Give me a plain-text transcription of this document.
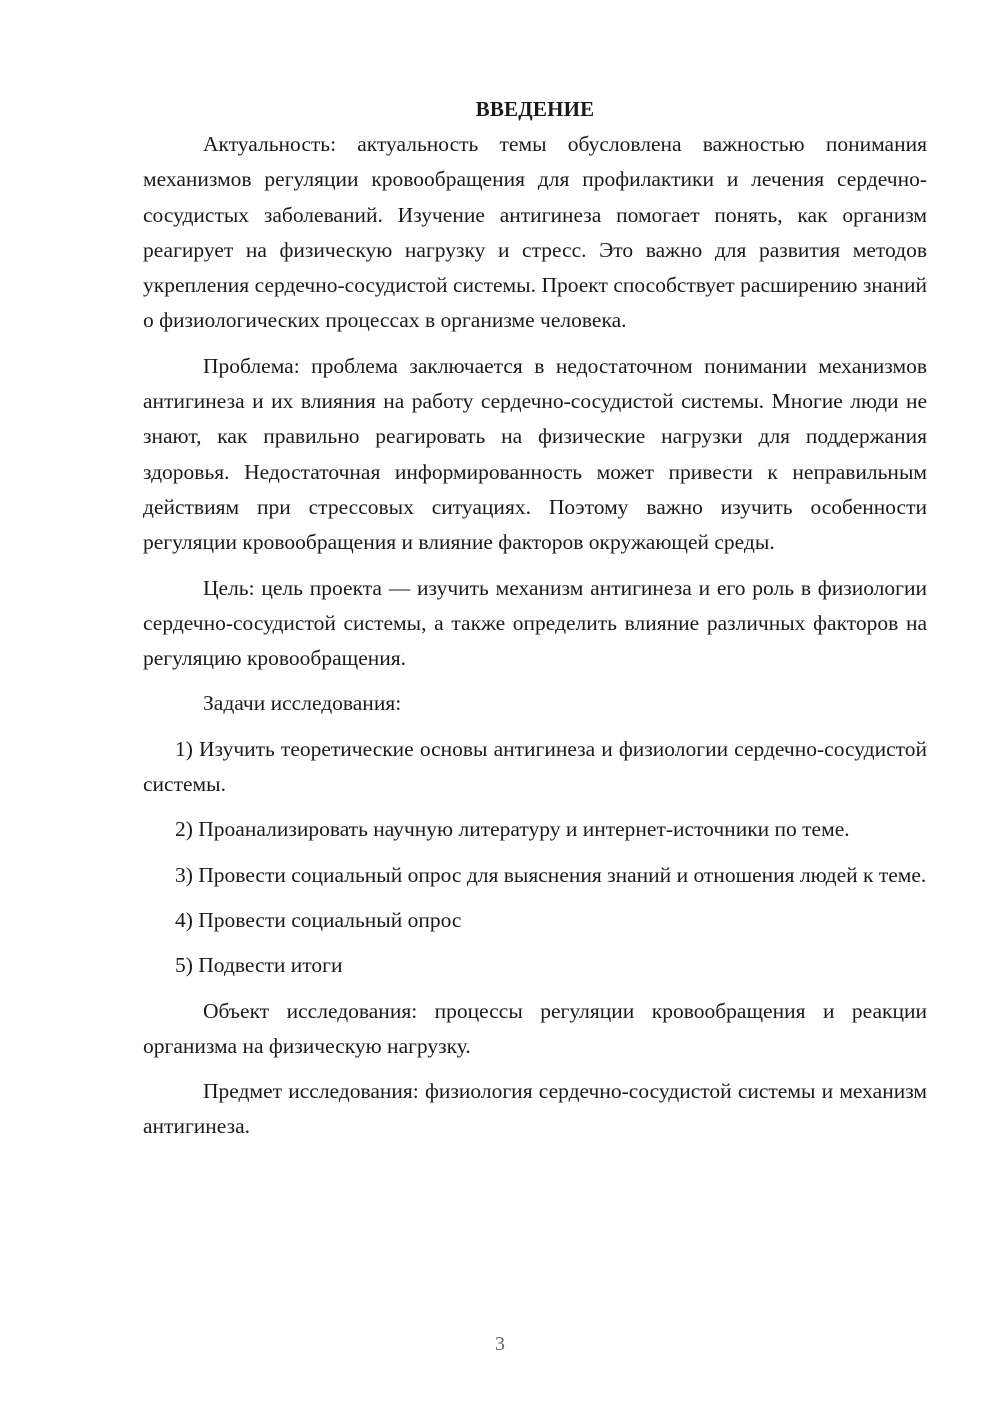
ВВЕДЕНИЕ

Актуальность: актуальность темы обусловлена важностью понимания механизмов регуляции кровообращения для профилактики и лечения сердечно-сосудистых заболеваний. Изучение антигинеза помогает понять, как организм реагирует на физическую нагрузку и стресс. Это важно для развития методов укрепления сердечно-сосудистой системы. Проект способствует расширению знаний о физиологических процессах в организме человека.

Проблема: проблема заключается в недостаточном понимании механизмов антигинеза и их влияния на работу сердечно-сосудистой системы. Многие люди не знают, как правильно реагировать на физические нагрузки для поддержания здоровья. Недостаточная информированность может привести к неправильным действиям при стрессовых ситуациях. Поэтому важно изучить особенности регуляции кровообращения и влияние факторов окружающей среды.

Цель: цель проекта — изучить механизм антигинеза и его роль в физиологии сердечно-сосудистой системы, а также определить влияние различных факторов на регуляцию кровообращения.

Задачи исследования:

1) Изучить теоретические основы антигинеза и физиологии сердечно-сосудистой системы.

2) Проанализировать научную литературу и интернет-источники по теме.

3) Провести социальный опрос для выяснения знаний и отношения людей к теме.

4) Провести социальный опрос

5) Подвести итоги

Объект исследования: процессы регуляции кровообращения и реакции организма на физическую нагрузку.

Предмет исследования: физиология сердечно-сосудистой системы и механизм антигинеза.

3
